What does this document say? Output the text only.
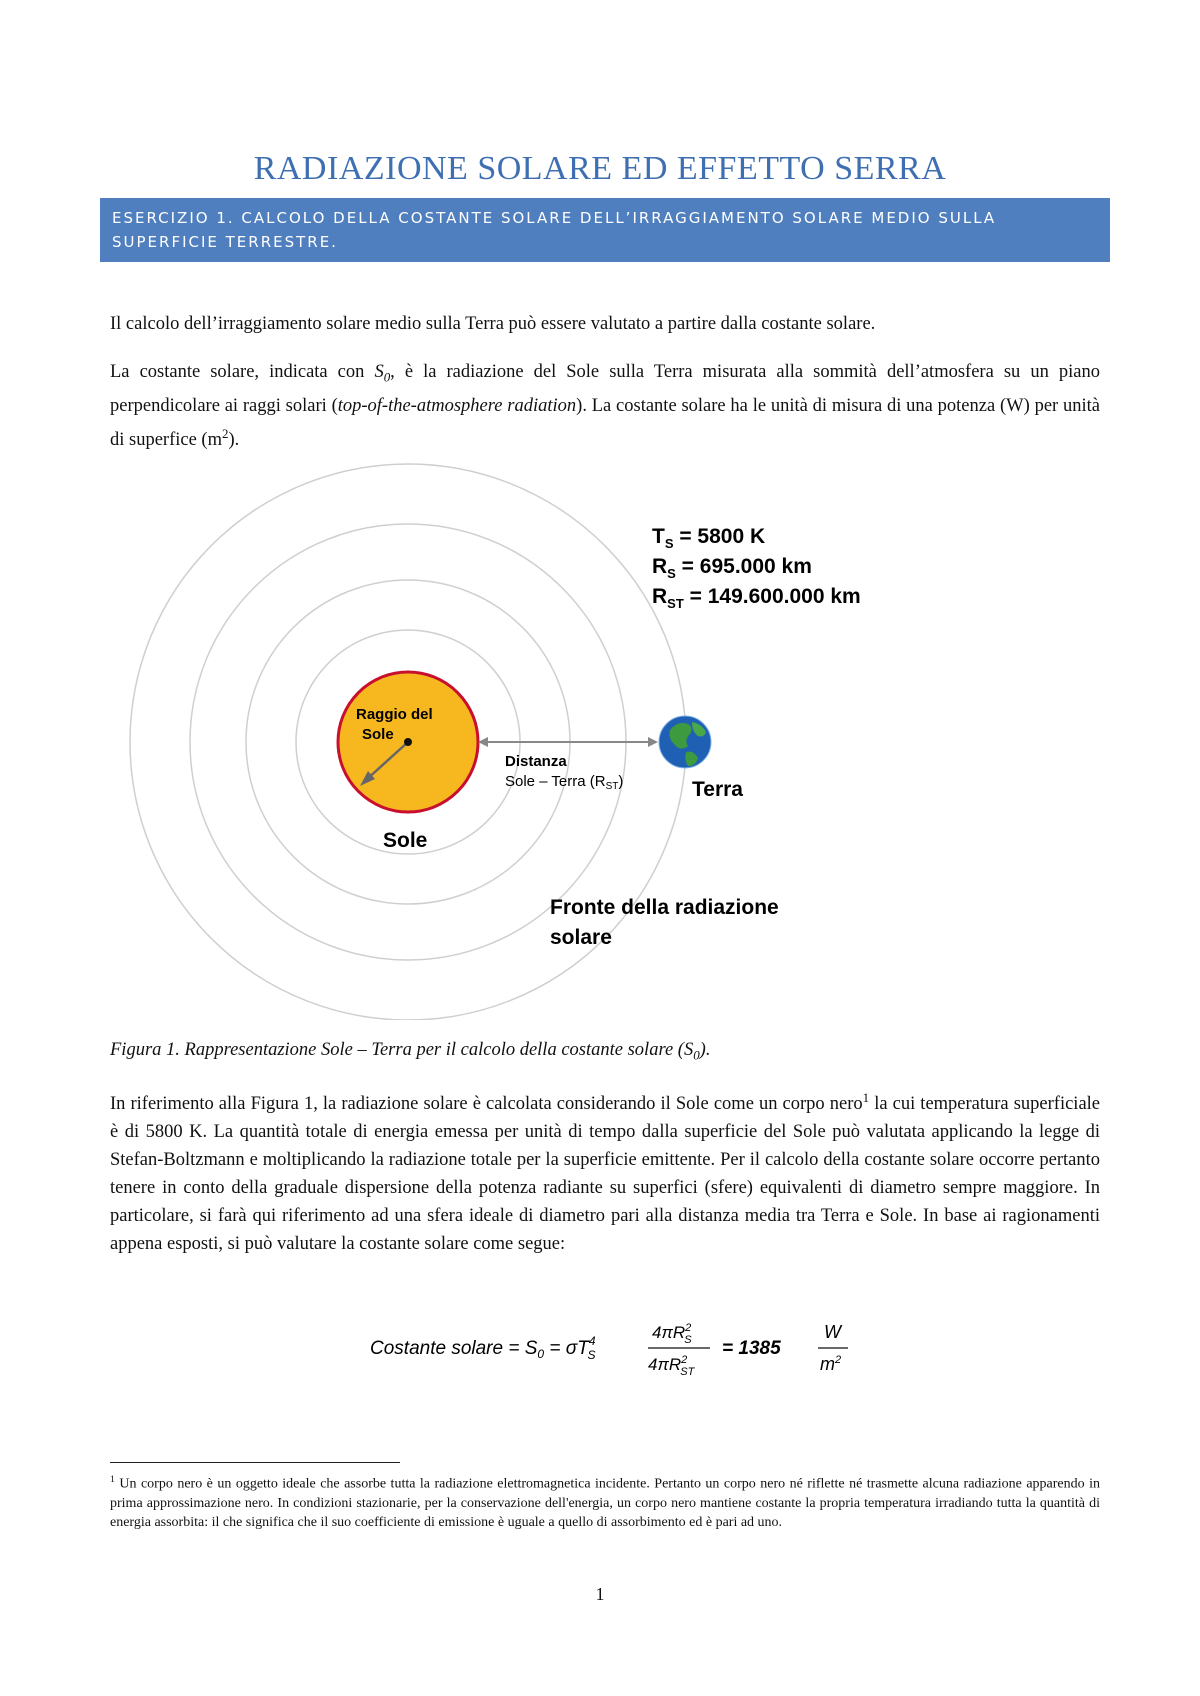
RADIAZIONE SOLARE ED EFFETTO SERRA
ESERCIZIO 1. CALCOLO DELLA COSTANTE SOLARE DELL’IRRAGGIAMENTO SOLARE MEDIO SULLA SUPERFICIE TERRESTRE.
Il calcolo dell’irraggiamento solare medio sulla Terra può essere valutato a partire dalla costante solare.
La costante solare, indicata con $S_0$, è la radiazione del Sole sulla Terra misurata alla sommità dell’atmosfera su un piano perpendicolare ai raggi solari (top-of-the-atmosphere radiation). La costante solare ha le unità di misura di una potenza (W) per unità di superfice $(m^2)$.
Raggio del
Sole
Distanza
Sole – Terra $(R_{ST})$	Terra
Sole
$T_S = 5800$ K
$R_S = 695.000$ km
$R_{ST} = 149.600.000$ km
Fronte della radiazione
solare
Figura 1. Rappresentazione Sole – Terra per il calcolo della costante solare $(S_0)$.
In riferimento alla Figura 1, la radiazione solare è calcolata considerando il Sole come un corpo nero$^1$ la cui temperatura superficiale è di 5800 K. La quantità totale di energia emessa per unità di tempo dalla superficie del Sole può valutata applicando la legge di Stefan-Boltzmann e moltiplicando la radiazione totale per la superficie emittente. Per il calcolo della costante solare occorre pertanto tenere in conto della graduale dispersione della potenza radiante su superfici (sfere) equivalenti di diametro sempre maggiore. In particolare, si farà qui riferimento ad una sfera ideale di diametro pari alla distanza media tra Terra e Sole. In base ai ragionamenti appena esposti, si può valutare la costante solare come segue:
Costante solare = $S_0 = \sigma T^4$ S
$4\pi R^2$ S
$4\pi R^2$ ST
= 1385
W
$m^2$
$^1$ Un corpo nero è un oggetto ideale che assorbe tutta la radiazione elettromagnetica incidente. Pertanto un corpo nero né riflette né trasmette alcuna radiazione apparendo in prima approssimazione nero. In condizioni stazionarie, per la conservazione dell'energia, un corpo nero mantiene costante la propria temperatura irradiando tutta la quantità di energia assorbita: il che significa che il suo coefficiente di emissione è uguale a quello di assorbimento ed è pari ad uno.
1
